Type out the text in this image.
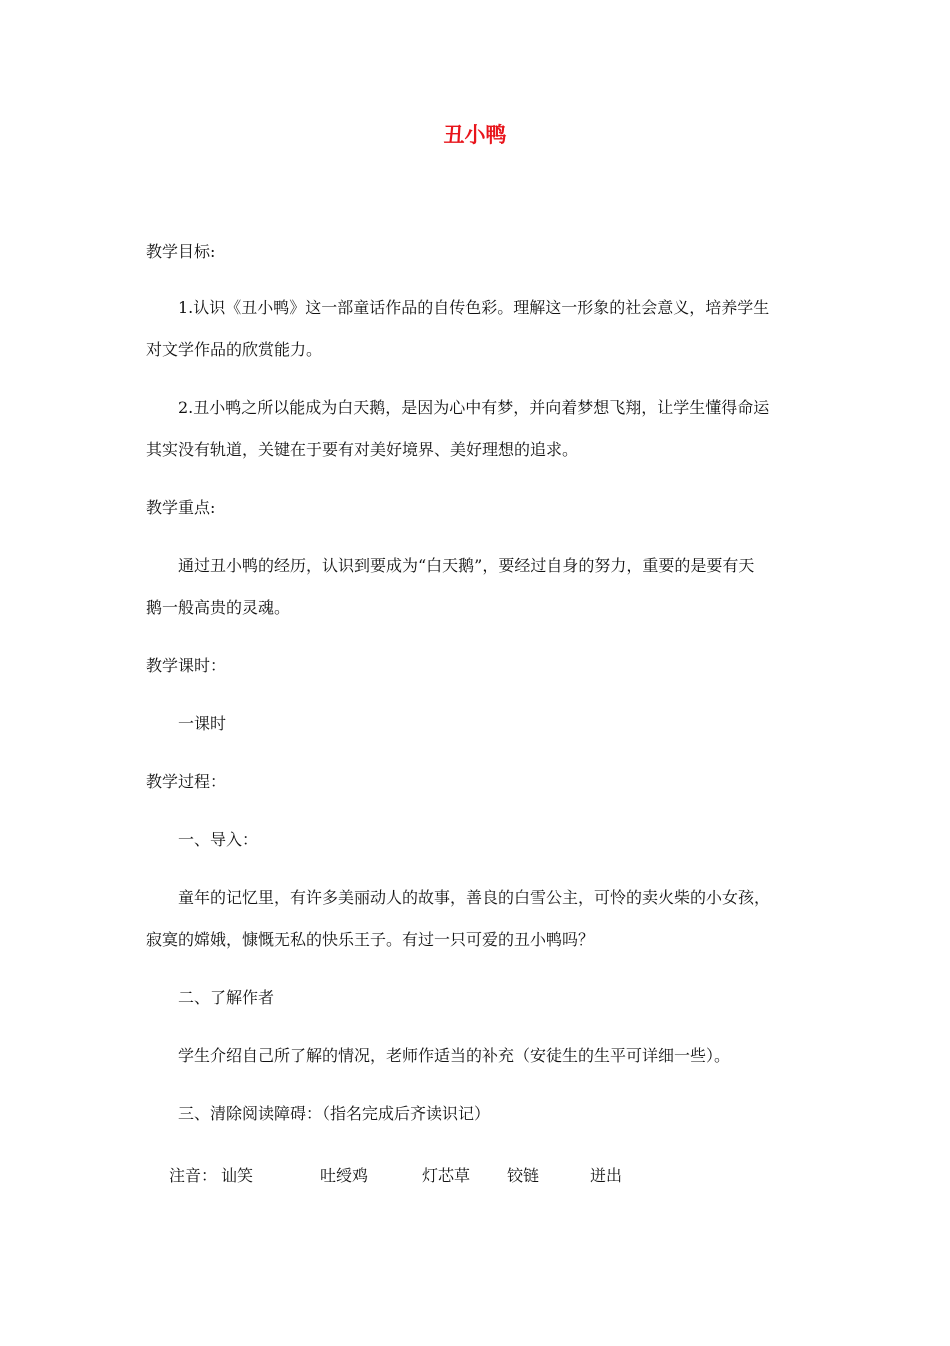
丑小鸭
教学目标:
1.认识《丑小鸭》这一部童话作品的自传色彩。理解这一形象的社会意义，培养学生
对文学作品的欣赏能力。
2.丑小鸭之所以能成为白天鹅，是因为心中有梦，并向着梦想飞翔，让学生懂得命运
其实没有轨道，关键在于要有对美好境界、美好理想的追求。
教学重点:
通过丑小鸭的经历，认识到要成为“白天鹅”，要经过自身的努力，重要的是要有天
鹅一般高贵的灵魂。
教学课时：
一课时
教学过程：
一、导入：
童年的记忆里，有许多美丽动人的故事，善良的白雪公主，可怜的卖火柴的小女孩，
寂寞的嫦娥，慷慨无私的快乐王子。有过一只可爱的丑小鸭吗？
二、了解作者
学生介绍自己所了解的情况，老师作适当的补充（安徒生的生平可详细一些）。
三、清除阅读障碍：（指名完成后齐读识记）
注音： 讪笑	吐绶鸡	灯芯草 铰链	迸出
